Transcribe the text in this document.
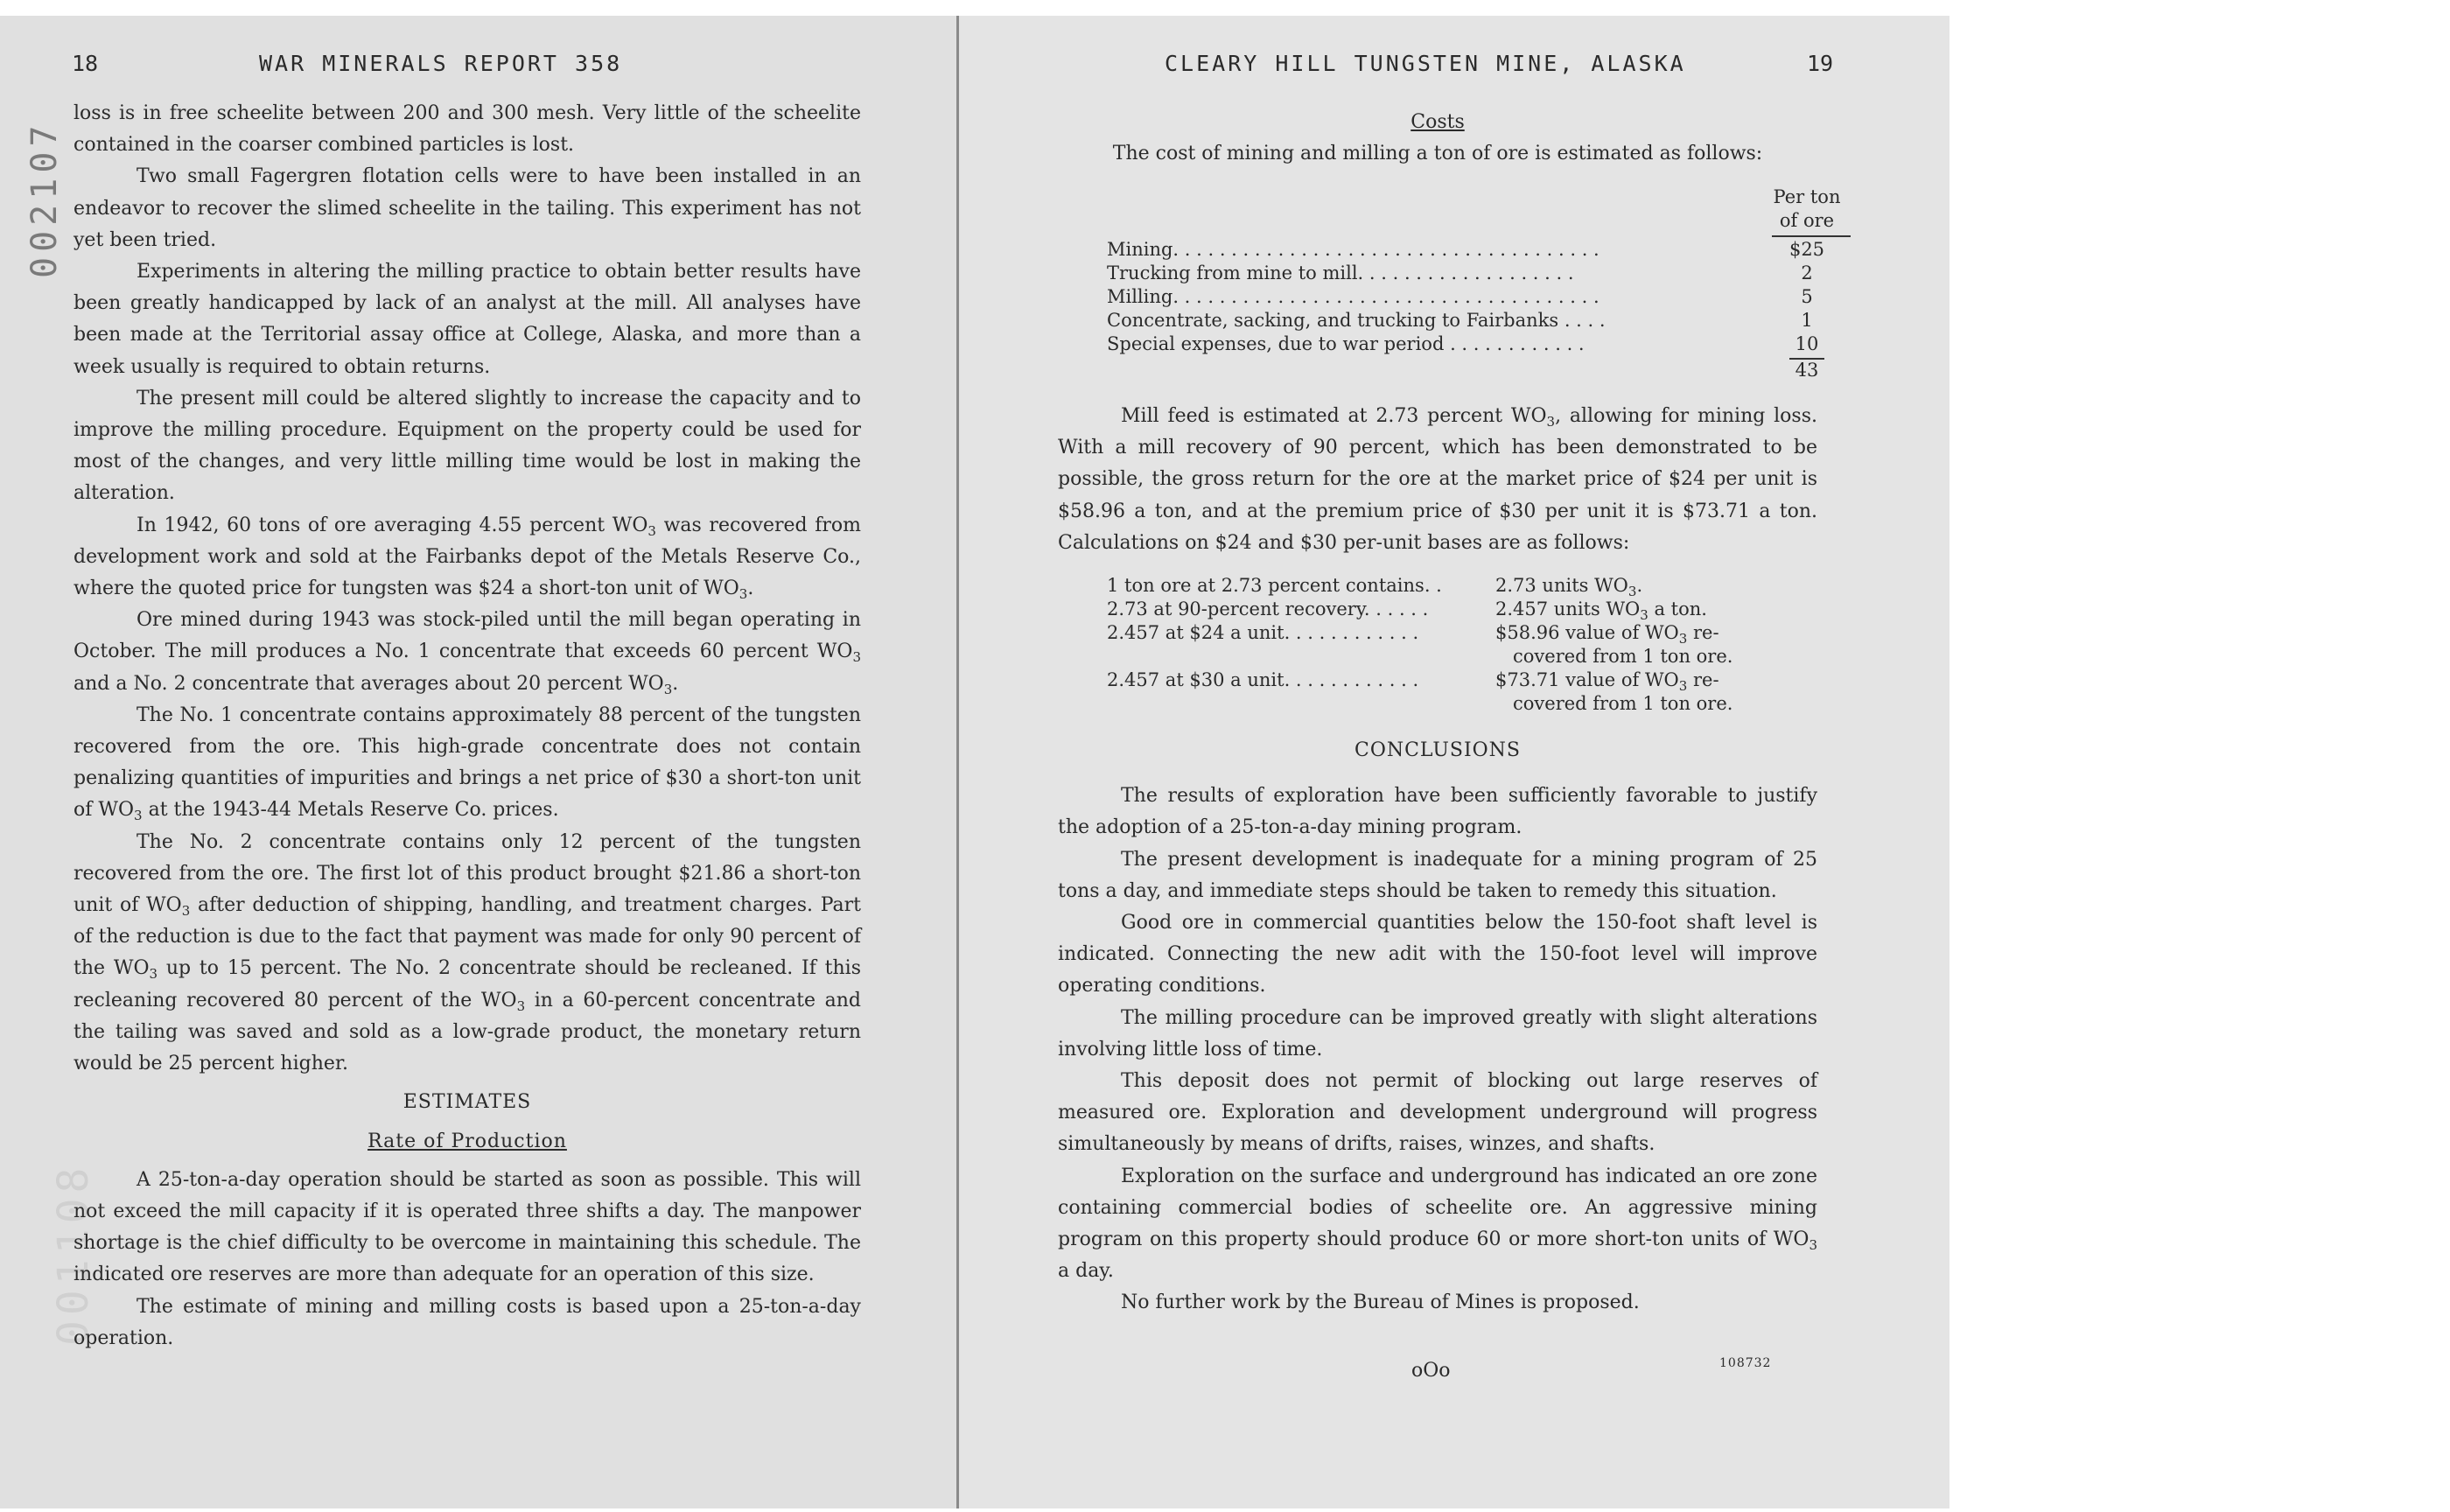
18	WAR MINERALS REPORT 358
002107
001108

loss is in free scheelite between 200 and 300 mesh. Very little of the scheelite contained in the coarser combined particles is lost.

Two small Fagergren flotation cells were to have been installed in an endeavor to recover the slimed scheelite in the tailing. This experiment has not yet been tried.

Experiments in altering the milling practice to obtain better results have been greatly handicapped by lack of an analyst at the mill. All analyses have been made at the Territorial assay office at College, Alaska, and more than a week usually is required to obtain returns.

The present mill could be altered slightly to increase the capacity and to improve the milling procedure. Equipment on the property could be used for most of the changes, and very little milling time would be lost in making the alteration.

In 1942, 60 tons of ore averaging 4.55 percent $WO_3$ was recovered from development work and sold at the Fairbanks depot of the Metals Reserve Co., where the quoted price for tungsten was $24 a short-ton unit of $WO_3$.

Ore mined during 1943 was stock-piled until the mill began operating in October. The mill produces a No. 1 concentrate that exceeds 60 percent $WO_3$ and a No. 2 concentrate that averages about 20 percent $WO_3$.

The No. 1 concentrate contains approximately 88 percent of the tungsten recovered from the ore. This high-grade concentrate does not contain penalizing quantities of impurities and brings a net price of $30 a short-ton unit of $WO_3$ at the 1943-44 Metals Reserve Co. prices.

The No. 2 concentrate contains only 12 percent of the tungsten recovered from the ore. The first lot of this product brought $21.86 a short-ton unit of $WO_3$ after deduction of shipping, handling, and treatment charges. Part of the reduction is due to the fact that payment was made for only 90 percent of the $WO_3$ up to 15 percent. The No. 2 concentrate should be recleaned. If this recleaning recovered 80 percent of the $WO_3$ in a 60-percent concentrate and the tailing was saved and sold as a low-grade product, the monetary return would be 25 percent higher.

ESTIMATES

Rate of Production

A 25-ton-a-day operation should be started as soon as possible. This will not exceed the mill capacity if it is operated three shifts a day. The manpower shortage is the chief difficulty to be overcome in maintaining this schedule. The indicated ore reserves are more than adequate for an operation of this size.

The estimate of mining and milling costs is based upon a 25-ton-a-day operation.

CLEARY HILL TUNGSTEN MINE, ALASKA	19

Costs

The cost of mining and milling a ton of ore is estimated as follows:

Per ton
of ore
Mining. . . . . . . . . . . . . . . . . . . . . . . . . . . . . . . . . . . . .	$25
Trucking from mine to mill. . . . . . . . . . . . . . . . . . .	2
Milling. . . . . . . . . . . . . . . . . . . . . . . . . . . . . . . . . . . . .	5
Concentrate, sacking, and trucking to Fairbanks . . . .	1
Special expenses, due to war period . . . . . . . . . . . .	10
43

Mill feed is estimated at 2.73 percent $WO_3$, allowing for mining loss. With a mill recovery of 90 percent, which has been demonstrated to be possible, the gross return for the ore at the market price of $24 per unit is $58.96 a ton, and at the premium price of $30 per unit it is $73.71 a ton. Calculations on $24 and $30 per-unit bases are as follows:

1 ton ore at 2.73 percent contains. .	2.73 units $WO_3$.
2.73 at 90-percent recovery. . . . . .	2.457 units $WO_3$ a ton.
2.457 at $24 a unit. . . . . . . . . . . .	$58.96 value of $WO_3$ re-
covered from 1 ton ore.
2.457 at $30 a unit. . . . . . . . . . . .	$73.71 value of $WO_3$ re-
covered from 1 ton ore.

CONCLUSIONS

The results of exploration have been sufficiently favorable to justify the adoption of a 25-ton-a-day mining program.

The present development is inadequate for a mining program of 25 tons a day, and immediate steps should be taken to remedy this situation.

Good ore in commercial quantities below the 150-foot shaft level is indicated. Connecting the new adit with the 150-foot level will improve operating conditions.

The milling procedure can be improved greatly with slight alterations involving little loss of time.

This deposit does not permit of blocking out large reserves of measured ore. Exploration and development underground will progress simultaneously by means of drifts, raises, winzes, and shafts.

Exploration on the surface and underground has indicated an ore zone containing commercial bodies of scheelite ore. An aggressive mining program on this property should produce 60 or more short-ton units of $WO_3$ a day.

No further work by the Bureau of Mines is proposed.

oOo	108732
